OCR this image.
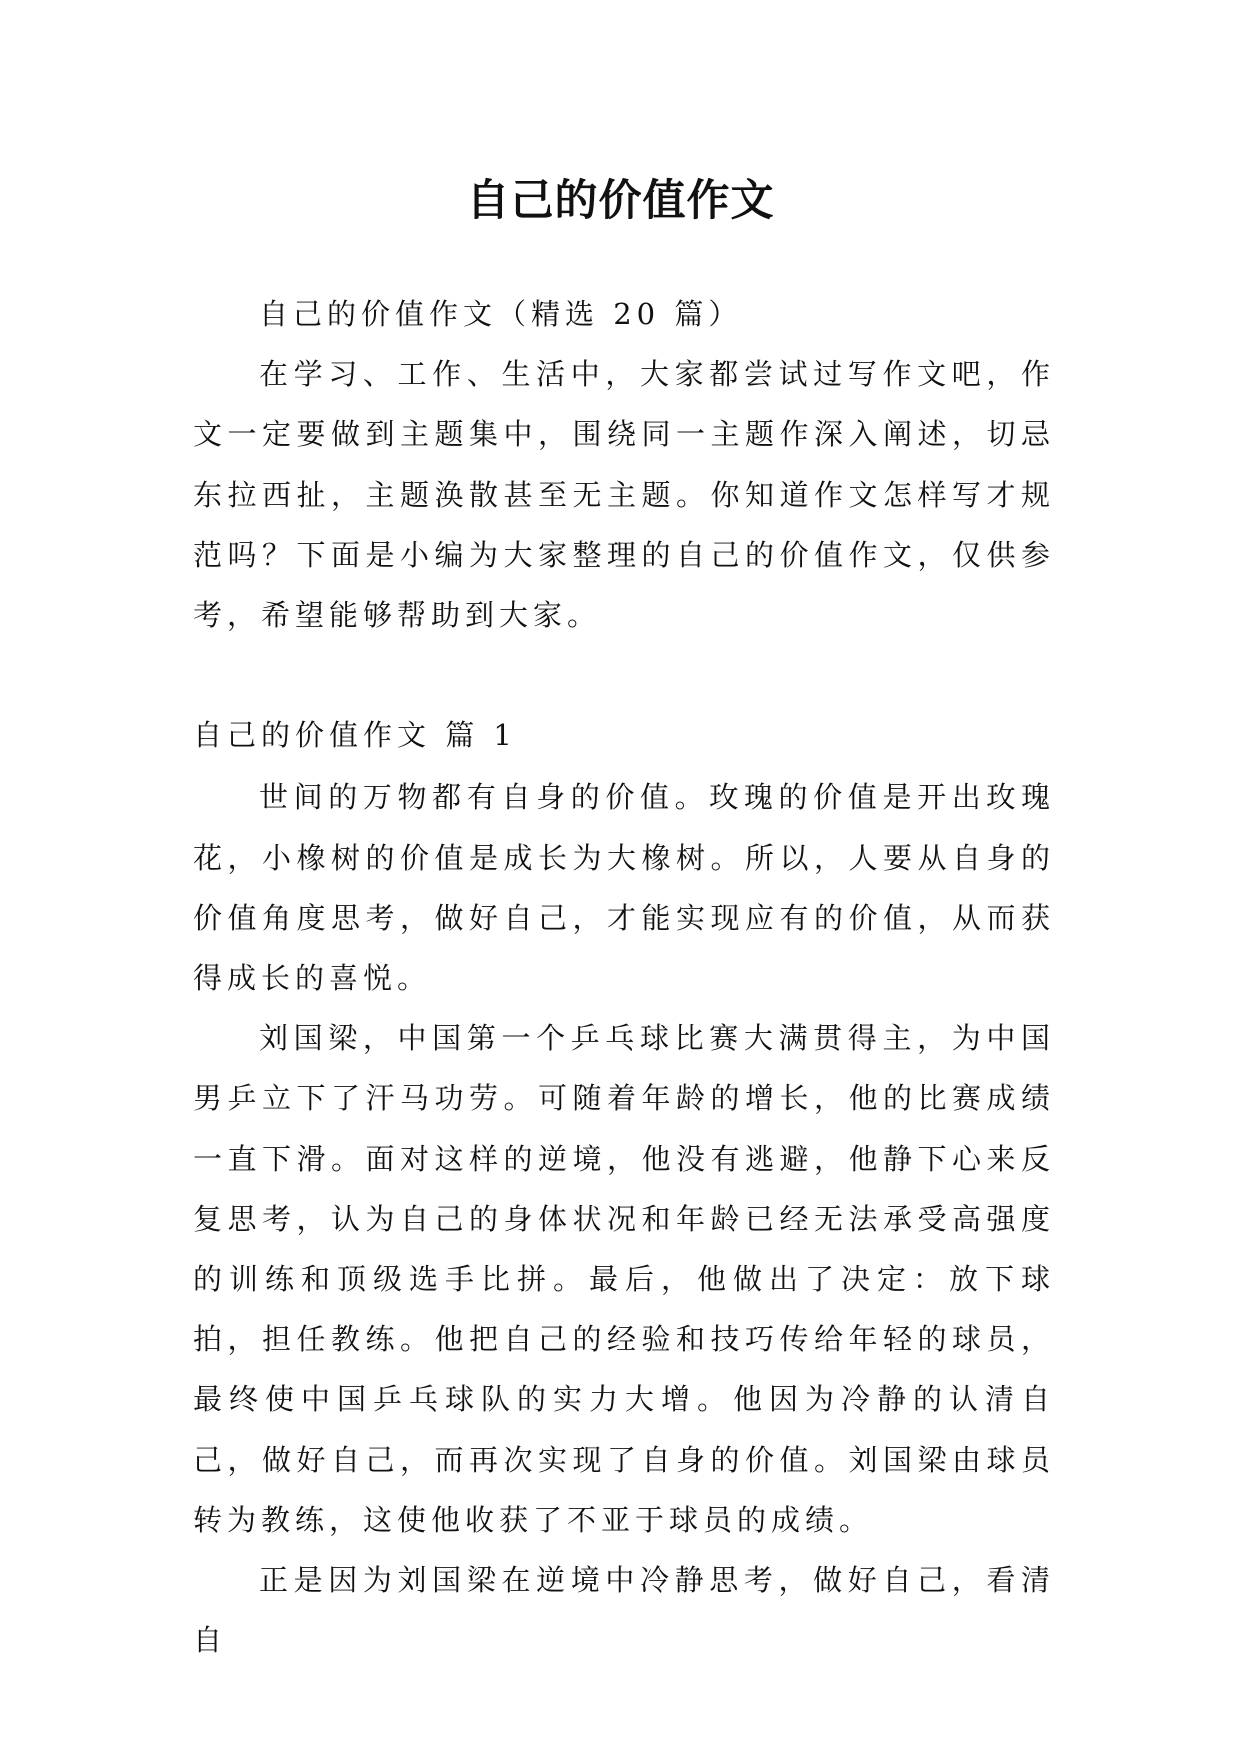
自己的价值作文

自己的价值作文（精选 20 篇）

在学习、工作、生活中，大家都尝试过写作文吧，作文一定要做到主题集中，围绕同一主题作深入阐述，切忌东拉西扯，主题涣散甚至无主题。你知道作文怎样写才规范吗？下面是小编为大家整理的自己的价值作文，仅供参考，希望能够帮助到大家。

自己的价值作文 篇 1

世间的万物都有自身的价值。玫瑰的价值是开出玫瑰花，小橡树的价值是成长为大橡树。所以，人要从自身的价值角度思考，做好自己，才能实现应有的价值，从而获得成长的喜悦。

刘国梁，中国第一个乒乓球比赛大满贯得主，为中国男乒立下了汗马功劳。可随着年龄的增长，他的比赛成绩一直下滑。面对这样的逆境，他没有逃避，他静下心来反复思考，认为自己的身体状况和年龄已经无法承受高强度的训练和顶级选手比拼。最后，他做出了决定：放下球拍，担任教练。他把自己的经验和技巧传给年轻的球员，最终使中国乒乓球队的实力大增。他因为冷静的认清自己，做好自己，而再次实现了自身的价值。刘国梁由球员转为教练，这使他收获了不亚于球员的成绩。

正是因为刘国梁在逆境中冷静思考，做好自己，看清自
